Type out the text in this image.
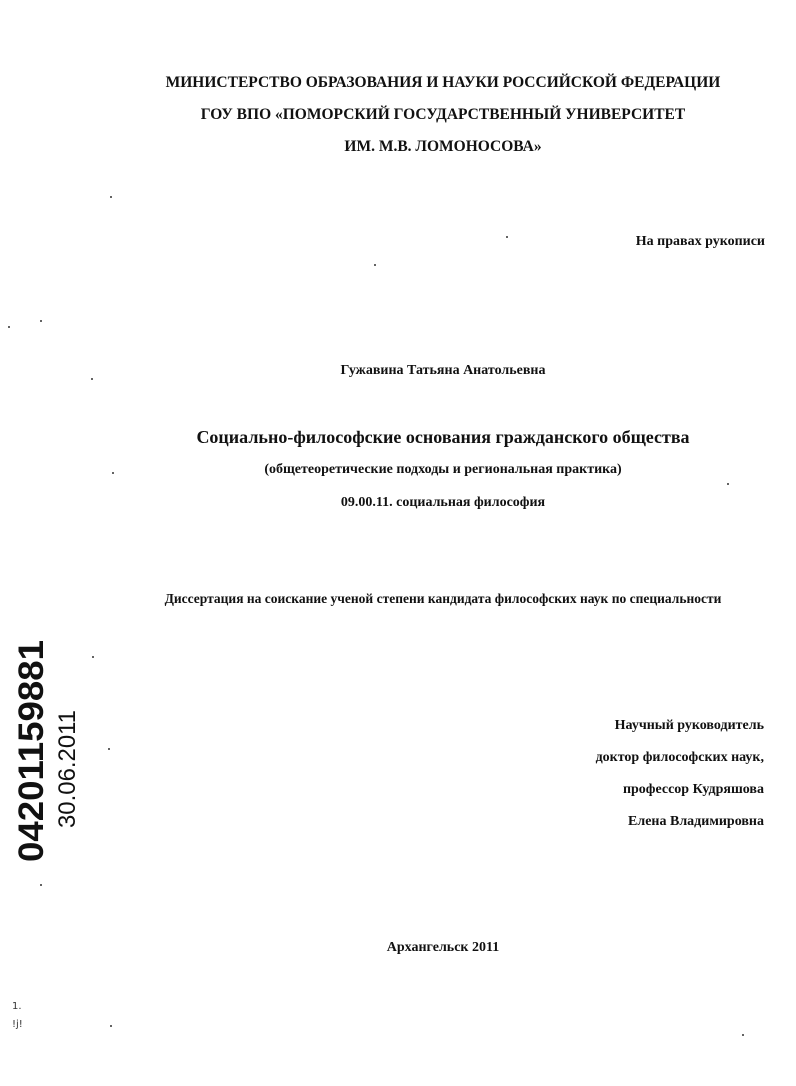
МИНИСТЕРСТВО ОБРАЗОВАНИЯ И НАУКИ РОССИЙСКОЙ ФЕДЕРАЦИИ
ГОУ ВПО «ПОМОРСКИЙ ГОСУДАРСТВЕННЫЙ УНИВЕРСИТЕТ
ИМ. М.В. ЛОМОНОСОВА»
На правах рукописи
Гужавина Татьяна Анатольевна
Социально-философские основания гражданского общества
(общетеоретические подходы и региональная практика)
09.00.11. социальная философия
Диссертация на соискание ученой степени кандидата философских наук по специальности
Научный руководитель
доктор философских наук,
профессор Кудряшова
Елена Владимировна
Архангельск 2011
04201159881 30.06.2011
1.
!j!
